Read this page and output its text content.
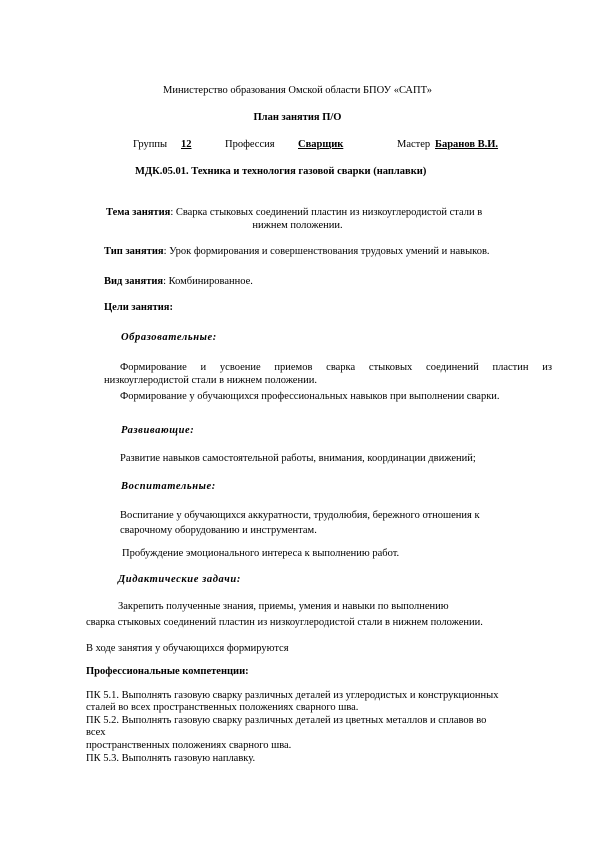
Министерство образования Омской области БПОУ «САПТ»
План занятия П/О
Группы 12	Профессия Сварщик	Мастер Баранов В.И.
МДК.05.01. Техника и технология газовой сварки (наплавки)
Тема занятия: Сварка стыковых соединений пластин из низкоуглеродистой стали в
нижнем положении.
Тип занятия: Урок формирования и совершенствования трудовых умений и навыков.
Вид занятия: Комбинированное.
Цели занятия:
Образовательные:
Формирование и усвоение приемов сварка стыковых соединений пластин из
низкоуглеродистой стали в нижнем положении.
Формирование у обучающихся профессиональных навыков при выполнении сварки.
Развивающие:
Развитие навыков самостоятельной работы, внимания, координации движений;
Воспитательные:
Воспитание у обучающихся аккуратности, трудолюбия, бережного отношения к
сварочному оборудованию и инструментам.
Пробуждение эмоционального интереса к выполнению работ.
Дидактические задачи:
Закрепить полученные знания, приемы, умения и навыки по выполнению
сварка стыковых соединений пластин из низкоуглеродистой стали в нижнем положении.
В ходе занятия у обучающихся формируются
Профессиональные компетенции:
ПК 5.1. Выполнять газовую сварку различных деталей из углеродистых и конструкционных
сталей во всех пространственных положениях сварного шва.
ПК 5.2. Выполнять газовую сварку различных деталей из цветных металлов и сплавов во
всех
пространственных положениях сварного шва.
ПК 5.3. Выполнять газовую наплавку.
